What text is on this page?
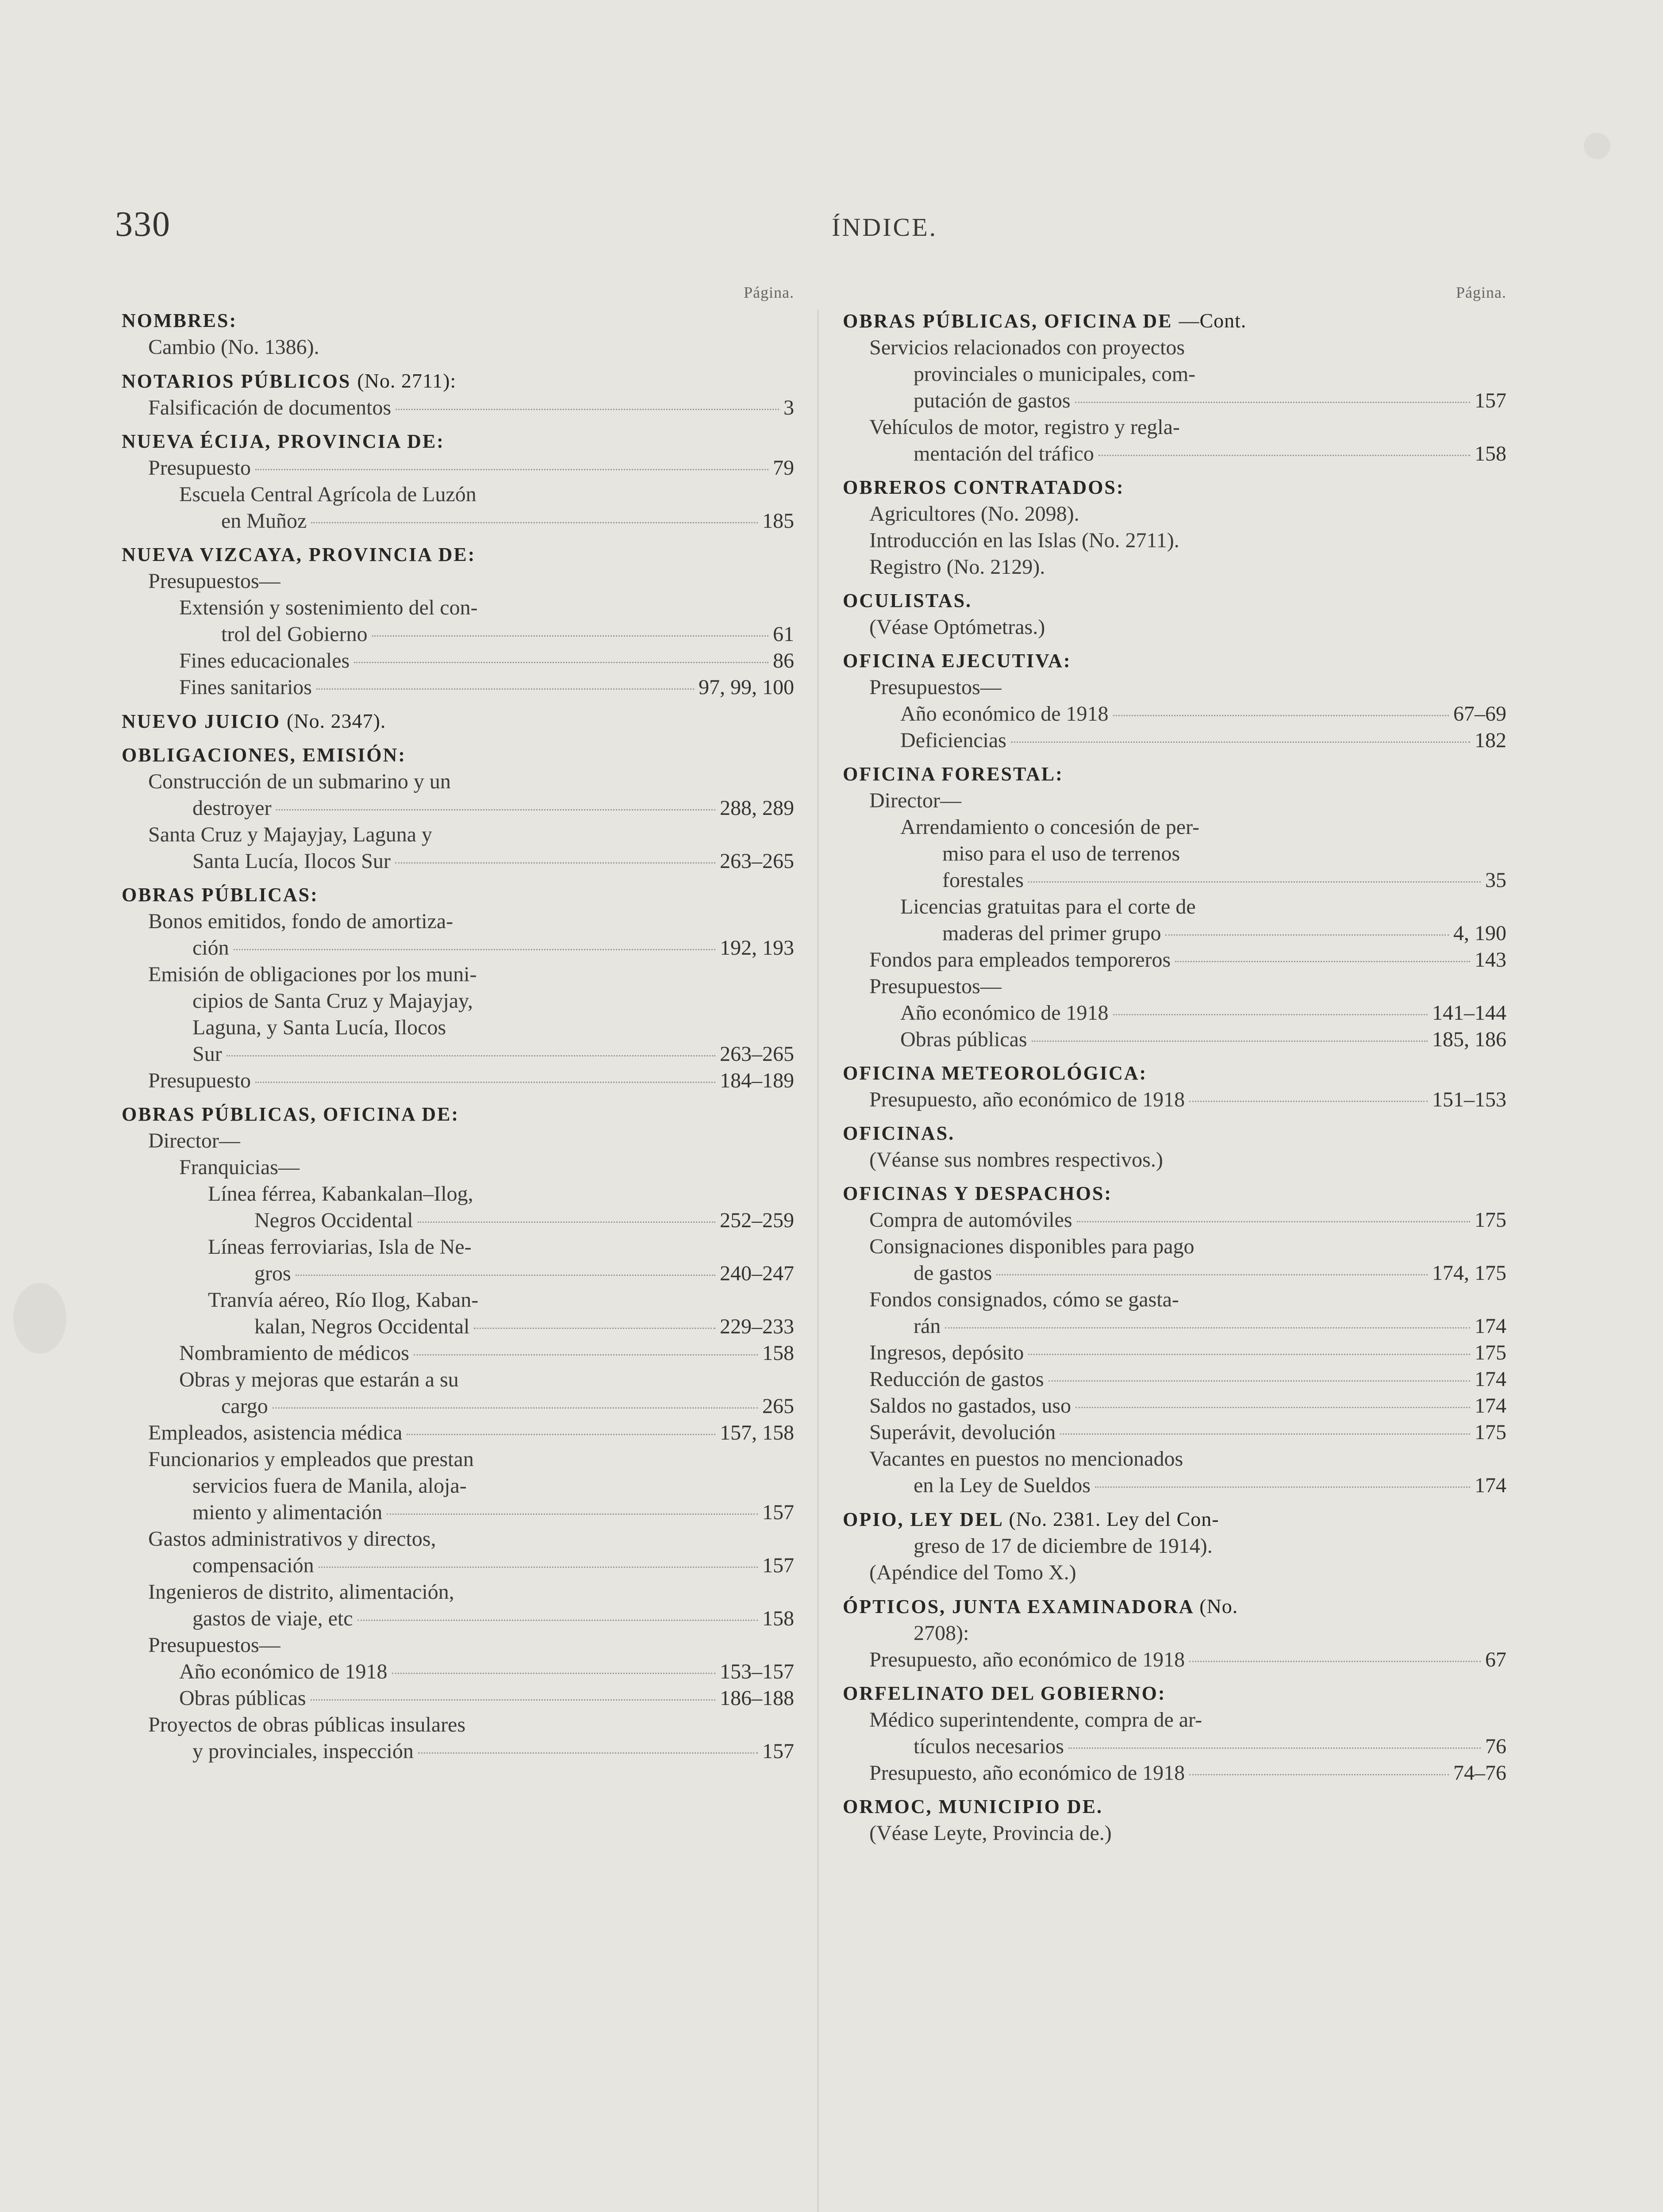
330	ÍNDICE.
Página.
NOMBRES:
Cambio (No. 1386).
NOTARIOS PÚBLICOS (No. 2711):
Falsificación de documentos	3
NUEVA ÉCIJA, PROVINCIA DE:
Presupuesto	79
Escuela Central Agrícola de Luzón
en Muñoz	185
NUEVA VIZCAYA, PROVINCIA DE:
Presupuestos—
Extensión y sostenimiento del con-
trol del Gobierno	61
Fines educacionales	86
Fines sanitarios	97, 99, 100
NUEVO JUICIO (No. 2347).
OBLIGACIONES, EMISIÓN:
Construcción de un submarino y un
destroyer	288, 289
Santa Cruz y Majayjay, Laguna y
Santa Lucía, Ilocos Sur	263–265
OBRAS PÚBLICAS:
Bonos emitidos, fondo de amortiza-
ción	192, 193
Emisión de obligaciones por los muni-
cipios de Santa Cruz y Majayjay,
Laguna, y Santa Lucía, Ilocos
Sur	263–265
Presupuesto	184–189
OBRAS PÚBLICAS, OFICINA DE:
Director—
Franquicias—
Línea férrea, Kabankalan–Ilog,
Negros Occidental	252–259
Líneas ferroviarias, Isla de Ne-
gros	240–247
Tranvía aéreo, Río Ilog, Kaban-
kalan, Negros Occidental	229–233
Nombramiento de médicos	158
Obras y mejoras que estarán a su
cargo	265
Empleados, asistencia médica	157, 158
Funcionarios y empleados que prestan
servicios fuera de Manila, aloja-
miento y alimentación	157
Gastos administrativos y directos,
compensación	157
Ingenieros de distrito, alimentación,
gastos de viaje, etc	158
Presupuestos—
Año económico de 1918	153–157
Obras públicas	186–188
Proyectos de obras públicas insulares
y provinciales, inspección	157
Página.
OBRAS PÚBLICAS, OFICINA DE —Cont.
Servicios relacionados con proyectos
provinciales o municipales, com-
putación de gastos	157
Vehículos de motor, registro y regla-
mentación del tráfico	158
OBREROS CONTRATADOS:
Agricultores (No. 2098).
Introducción en las Islas (No. 2711).
Registro (No. 2129).
OCULISTAS.
(Véase Optómetras.)
OFICINA EJECUTIVA:
Presupuestos—
Año económico de 1918	67–69
Deficiencias	182
OFICINA FORESTAL:
Director—
Arrendamiento o concesión de per-
miso para el uso de terrenos
forestales	35
Licencias gratuitas para el corte de
maderas del primer grupo	4, 190
Fondos para empleados temporeros	143
Presupuestos—
Año económico de 1918	141–144
Obras públicas	185, 186
OFICINA METEOROLÓGICA:
Presupuesto, año económico de 1918	151–153
OFICINAS.
(Véanse sus nombres respectivos.)
OFICINAS Y DESPACHOS:
Compra de automóviles	175
Consignaciones disponibles para pago
de gastos	174, 175
Fondos consignados, cómo se gasta-
rán	174
Ingresos, depósito	175
Reducción de gastos	174
Saldos no gastados, uso	174
Superávit, devolución	175
Vacantes en puestos no mencionados
en la Ley de Sueldos	174
OPIO, LEY DEL (No. 2381. Ley del Con-
greso de 17 de diciembre de 1914).
(Apéndice del Tomo X.)
ÓPTICOS, JUNTA EXAMINADORA (No.
2708):
Presupuesto, año económico de 1918	67
ORFELINATO DEL GOBIERNO:
Médico superintendente, compra de ar-
tículos necesarios	76
Presupuesto, año económico de 1918	74–76
ORMOC, MUNICIPIO DE.
(Véase Leyte, Provincia de.)
